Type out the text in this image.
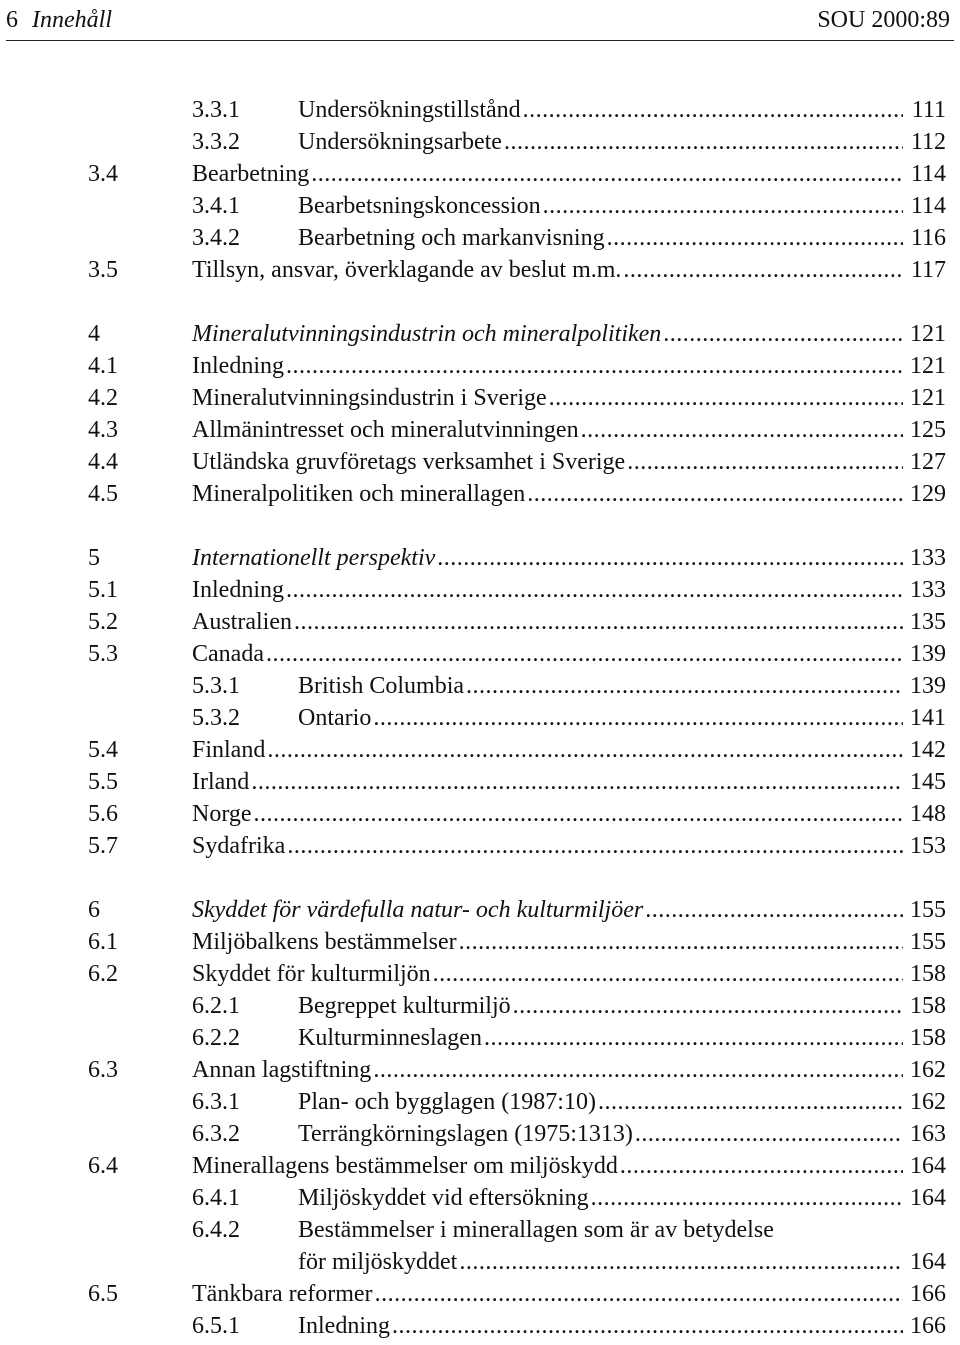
6 Innehåll	SOU 2000:89
3.3.1 Undersökningstillstånd .....	111
3.3.2 Undersökningsarbete .....	112
3.4	Bearbetning .....	114
3.4.1 Bearbetsningskoncession .....	114
3.4.2 Bearbetning och markanvisning .....	116
3.5	Tillsyn, ansvar, överklagande av beslut m.m. .....	117
4	Mineralutvinningsindustrin och mineralpolitiken .....	121
4.1	Inledning .....	121
4.2	Mineralutvinningsindustrin i Sverige .....	121
4.3	Allmänintresset och mineralutvinningen .....	125
4.4	Utländska gruvföretags verksamhet i Sverige .....	127
4.5	Mineralpolitiken och minerallagen .....	129
5	Internationellt perspektiv .....	133
5.1	Inledning .....	133
5.2	Australien .....	135
5.3	Canada .....	139
5.3.1 British Columbia .....	139
5.3.2 Ontario .....	141
5.4	Finland .....	142
5.5	Irland .....	145
5.6	Norge .....	148
5.7	Sydafrika .....	153
6	Skyddet för värdefulla natur- och kulturmiljöer .....	155
6.1	Miljöbalkens bestämmelser .....	155
6.2	Skyddet för kulturmiljön .....	158
6.2.1 Begreppet kulturmiljö .....	158
6.2.2 Kulturminneslagen .....	158
6.3	Annan lagstiftning .....	162
6.3.1 Plan- och bygglagen (1987:10) .....	162
6.3.2 Terrängkörningslagen (1975:1313) .....	163
6.4	Minerallagens bestämmelser om miljöskydd .....	164
6.4.1 Miljöskyddet vid eftersökning .....	164
6.4.2 Bestämmelser i minerallagen som är av betydelse
för miljöskyddet .....	164
6.5	Tänkbara reformer .....	166
6.5.1 Inledning .....	166
